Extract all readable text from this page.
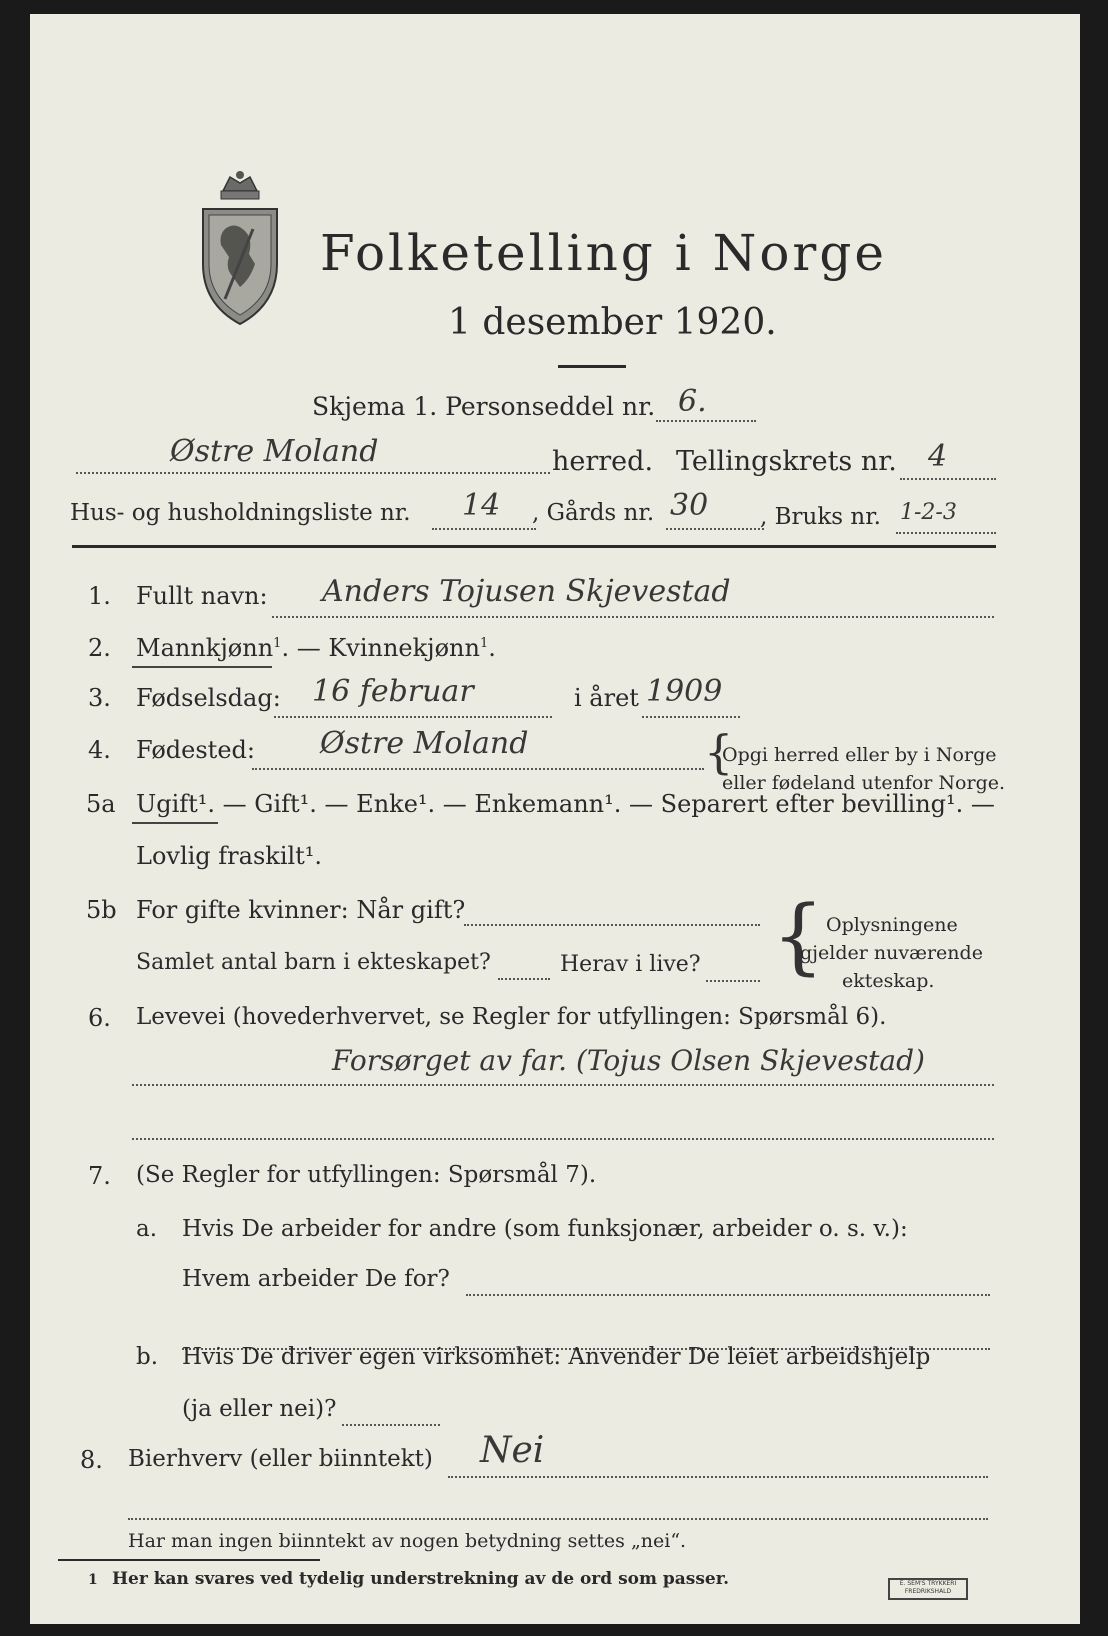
Folketelling i Norge
1 desember 1920.
Skjema 1. Personseddel nr. 6.
Østre Moland	herred. Tellingskrets nr. 4
Hus- og husholdningsliste nr. 14 , Gårds nr. 30 , Bruks nr. 1-2-3
1. Fullt navn: Anders Tojusen Skjevestad
2. Mannkjønn$^1$. — Kvinnekjønn$^1$.
3. Fødselsdag: 16 februar	i året 1909
4. Fødested: Østre Moland	{
Opgi herred eller by i Norge
eller fødeland utenfor Norge.
5a Ugift¹. — Gift¹. — Enke¹. — Enkemann¹. — Separert efter bevilling¹. —
Lovlig fraskilt¹.
5b For gifte kvinner: Når gift?
Samlet antal barn i ekteskapet?	Herav i live? { Oplysningene
gjelder nuværende
ekteskap.
6. Levevei (hovederhvervet, se Regler for utfyllingen: Spørsmål 6).
Forsørget av far. (Tojus Olsen Skjevestad)
7. (Se Regler for utfyllingen: Spørsmål 7).
a. Hvis De arbeider for andre (som funksjonær, arbeider o. s. v.):
Hvem arbeider De for?
b. Hvis De driver egen virksomhet: Anvender De leiet arbeidshjelp
(ja eller nei)?
8. Bierhverv (eller biinntekt) Nei
Har man ingen biinntekt av nogen betydning settes „nei“.
1 Her kan svares ved tydelig understrekning av de ord som passer.	E. SEM'S TRYKKERI
FREDRIKSHALD
